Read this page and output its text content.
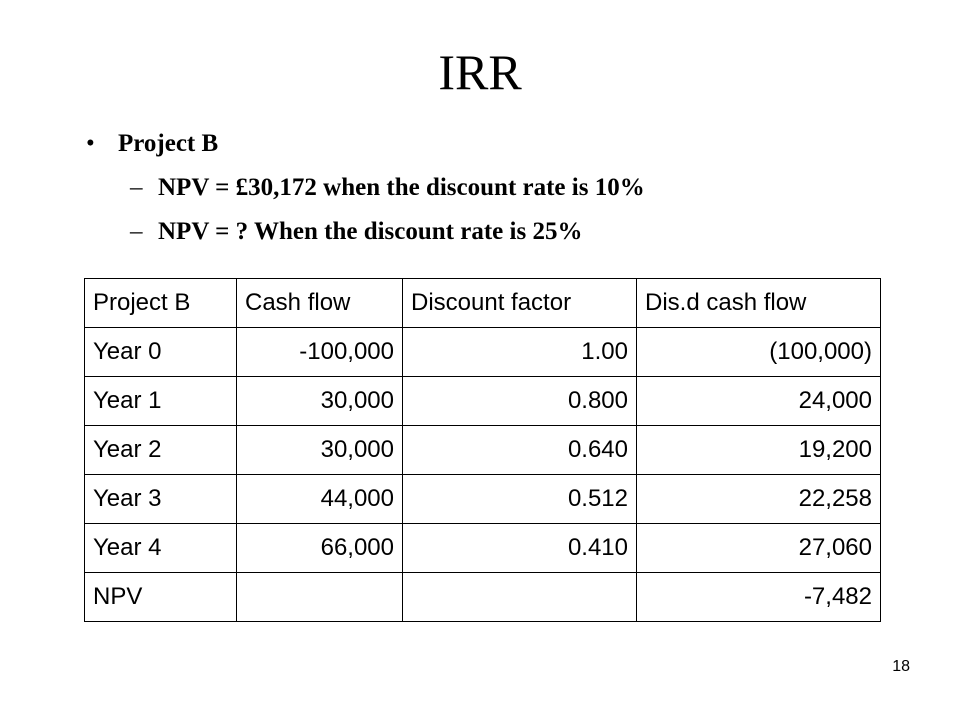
IRR
• Project B
– NPV = £30,172 when the discount rate is 10%
– NPV = ? When the discount rate is 25%
Project B	Cash flow	Discount factor	Dis.d cash flow
Year 0	-100,000	1.00	(100,000)
Year 1	30,000	0.800	24,000
Year 2	30,000	0.640	19,200
Year 3	44,000	0.512	22,258
Year 4	66,000	0.410	27,060
NPV			-7,482
18
